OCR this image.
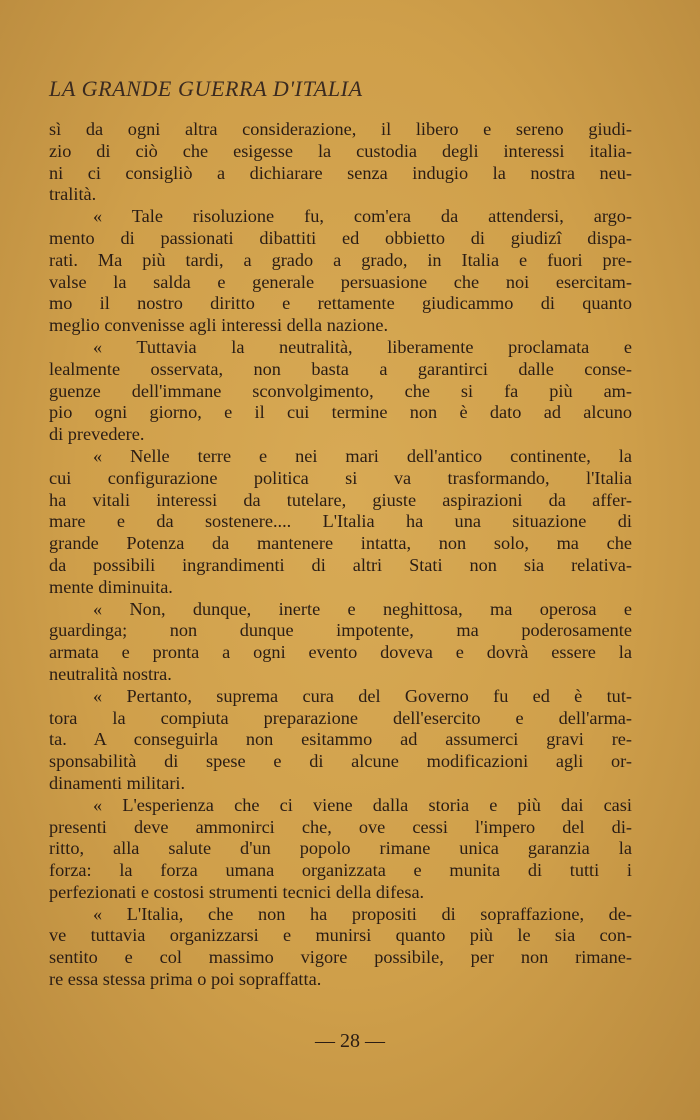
LA GRANDE GUERRA D'ITALIA
sì da ogni altra considerazione, il libero e sereno giudi-
zio di ciò che esigesse la custodia degli interessi italia-
ni ci consigliò a dichiarare senza indugio la nostra neu-
tralità.
« Tale risoluzione fu, com'era da attendersi, argo-
mento di passionati dibattiti ed obbietto di giudizî dispa-
rati. Ma più tardi, a grado a grado, in Italia e fuori pre-
valse la salda e generale persuasione che noi esercitam-
mo il nostro diritto e rettamente giudicammo di quanto
meglio convenisse agli interessi della nazione.
« Tuttavia la neutralità, liberamente proclamata e
lealmente osservata, non basta a garantirci dalle conse-
guenze dell'immane sconvolgimento, che si fa più am-
pio ogni giorno, e il cui termine non è dato ad alcuno
di prevedere.
« Nelle terre e nei mari dell'antico continente, la
cui configurazione politica si va trasformando, l'Italia
ha vitali interessi da tutelare, giuste aspirazioni da affer-
mare e da sostenere.... L'Italia ha una situazione di
grande Potenza da mantenere intatta, non solo, ma che
da possibili ingrandimenti di altri Stati non sia relativa-
mente diminuita.
« Non, dunque, inerte e neghittosa, ma operosa e
guardinga; non dunque impotente, ma poderosamente
armata e pronta a ogni evento doveva e dovrà essere la
neutralità nostra.
« Pertanto, suprema cura del Governo fu ed è tut-
tora la compiuta preparazione dell'esercito e dell'arma-
ta. A conseguirla non esitammo ad assumerci gravi re-
sponsabilità di spese e di alcune modificazioni agli or-
dinamenti militari.
« L'esperienza che ci viene dalla storia e più dai casi
presenti deve ammonirci che, ove cessi l'impero del di-
ritto, alla salute d'un popolo rimane unica garanzia la
forza: la forza umana organizzata e munita di tutti i
perfezionati e costosi strumenti tecnici della difesa.
« L'Italia, che non ha propositi di sopraffazione, de-
ve tuttavia organizzarsi e munirsi quanto più le sia con-
sentito e col massimo vigore possibile, per non rimane-
re essa stessa prima o poi sopraffatta.
— 28 —
